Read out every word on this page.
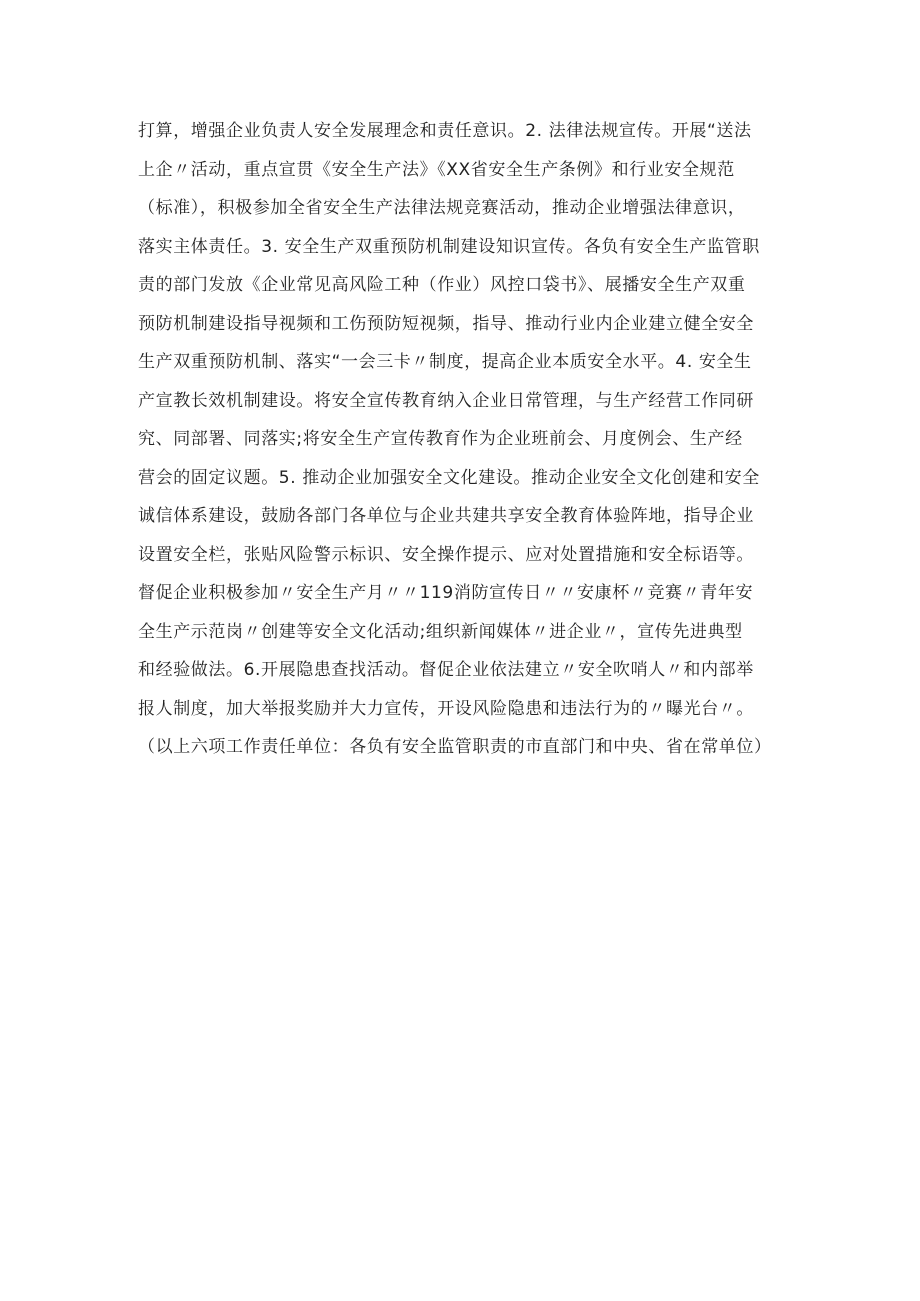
打算，增强企业负责人安全发展理念和责任意识。2. 法律法规宣传。开展“送法
上企〃活动，重点宣贯《安全生产法》《XX省安全生产条例》和行业安全规范
（标准），积极参加全省安全生产法律法规竞赛活动，推动企业增强法律意识，
落实主体责任。3. 安全生产双重预防机制建设知识宣传。各负有安全生产监管职
责的部门发放《企业常见高风险工种（作业）风控口袋书》、展播安全生产双重
预防机制建设指导视频和工伤预防短视频，指导、推动行业内企业建立健全安全
生产双重预防机制、落实“一会三卡〃制度，提高企业本质安全水平。4. 安全生
产宣教长效机制建设。将安全宣传教育纳入企业日常管理，与生产经营工作同研
究、同部署、同落实;将安全生产宣传教育作为企业班前会、月度例会、生产经
营会的固定议题。5. 推动企业加强安全文化建设。推动企业安全文化创建和安全
诚信体系建设，鼓励各部门各单位与企业共建共享安全教育体验阵地，指导企业
设置安全栏，张贴风险警示标识、安全操作提示、应对处置措施和安全标语等。
督促企业积极参加〃安全生产月〃〃119消防宣传日〃〃安康杯〃竞赛〃青年安
全生产示范岗〃创建等安全文化活动;组织新闻媒体〃进企业〃，宣传先进典型
和经验做法。6.开展隐患查找活动。督促企业依法建立〃安全吹哨人〃和内部举
报人制度，加大举报奖励并大力宣传，开设风险隐患和违法行为的〃曝光台〃。
（以上六项工作责任单位：各负有安全监管职责的市直部门和中央、省在常单位）
